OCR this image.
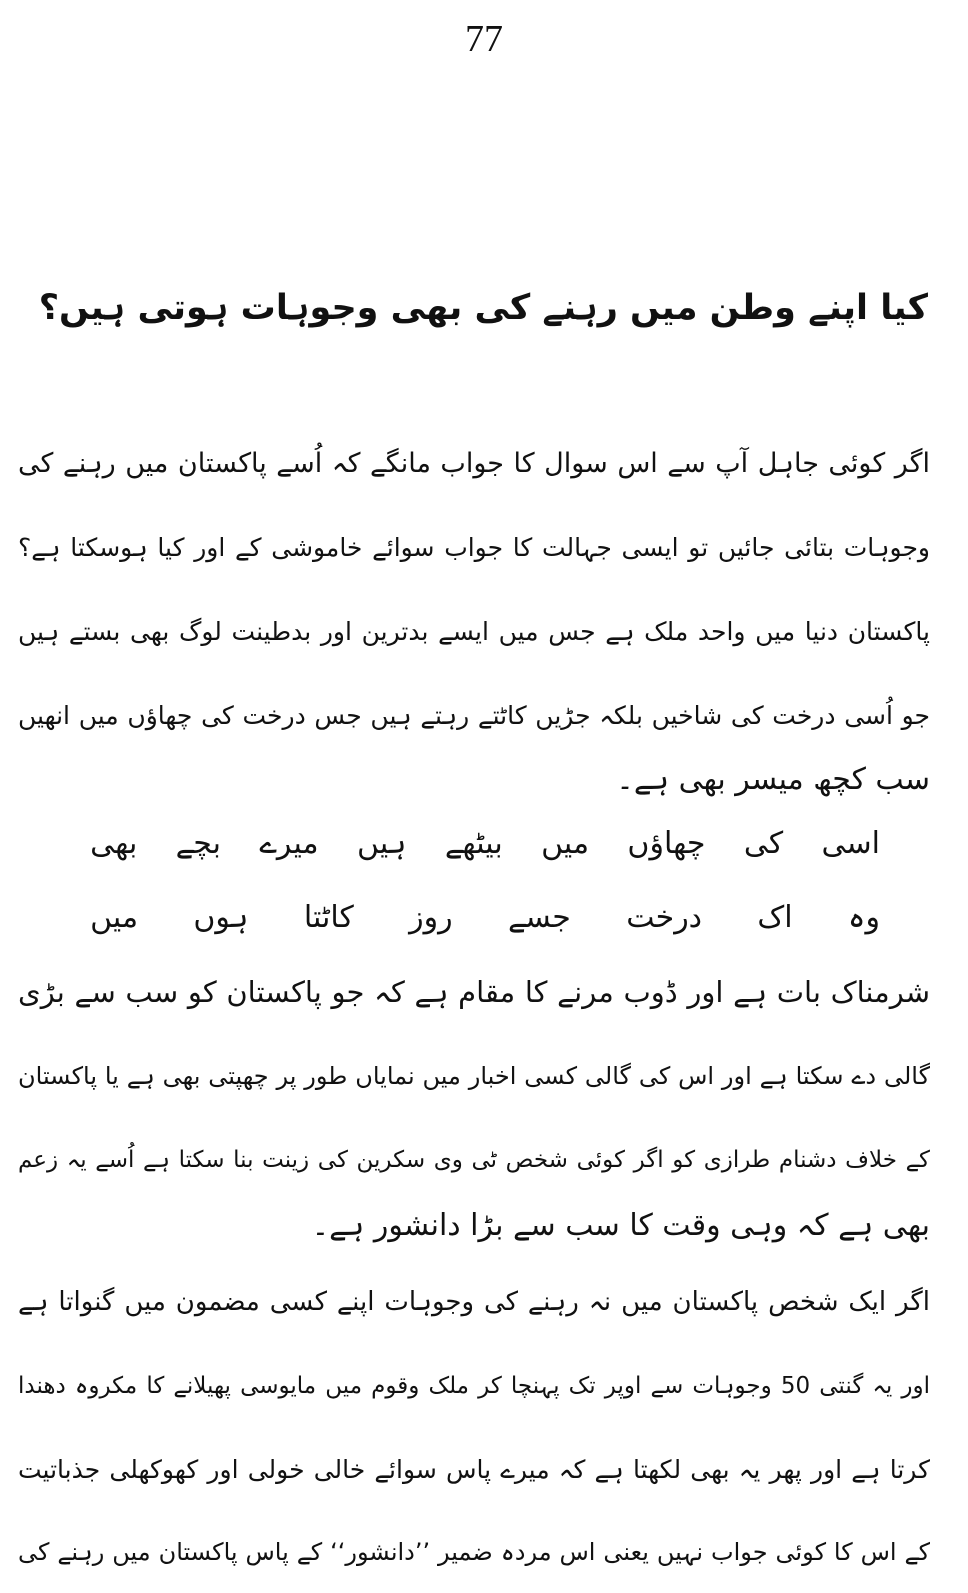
77
کیا اپنے وطن میں رہنے کی بھی وجوہات ہوتی ہیں؟
اگر کوئی جاہل آپ سے اس سوال کا جواب مانگے کہ اُسے پاکستان میں رہنے کی
وجوہات بتائی جائیں تو ایسی جہالت کا جواب سوائے خاموشی کے اور کیا ہوسکتا ہے؟
پاکستان دنیا میں واحد ملک ہے جس میں ایسے بدترین اور بدطینت لوگ بھی بستے ہیں
جو اُسی درخت کی شاخیں بلکہ جڑیں کاٹتے رہتے ہیں جس درخت کی چھاؤں میں انھیں
سب کچھ میسر بھی ہے۔
اسی
کی
چھاؤں
میں
بیٹھے
ہیں
میرے
بچے
بھی
وہ
اک
درخت
جسے
روز
کاٹتا
ہوں
میں
شرمناک بات ہے اور ڈوب مرنے کا مقام ہے کہ جو پاکستان کو سب سے بڑی
گالی دے سکتا ہے اور اس کی گالی کسی اخبار میں نمایاں طور پر چھپتی بھی ہے یا پاکستان
کے خلاف دشنام طرازی کو اگر کوئی شخص ٹی وی سکرین کی زینت بنا سکتا ہے اُسے یہ زعم
بھی ہے کہ وہی وقت کا سب سے بڑا دانشور ہے۔
اگر ایک شخص پاکستان میں نہ رہنے کی وجوہات اپنے کسی مضمون میں گنواتا ہے
اور یہ گنتی 50 وجوہات سے اوپر تک پہنچا کر ملک وقوم میں مایوسی پھیلانے کا مکروہ دھندا
کرتا ہے اور پھر یہ بھی لکھتا ہے کہ میرے پاس سوائے خالی خولی اور کھوکھلی جذباتیت
کے اس کا کوئی جواب نہیں یعنی اس مردہ ضمیر ’’دانشور‘‘ کے پاس پاکستان میں رہنے کی
